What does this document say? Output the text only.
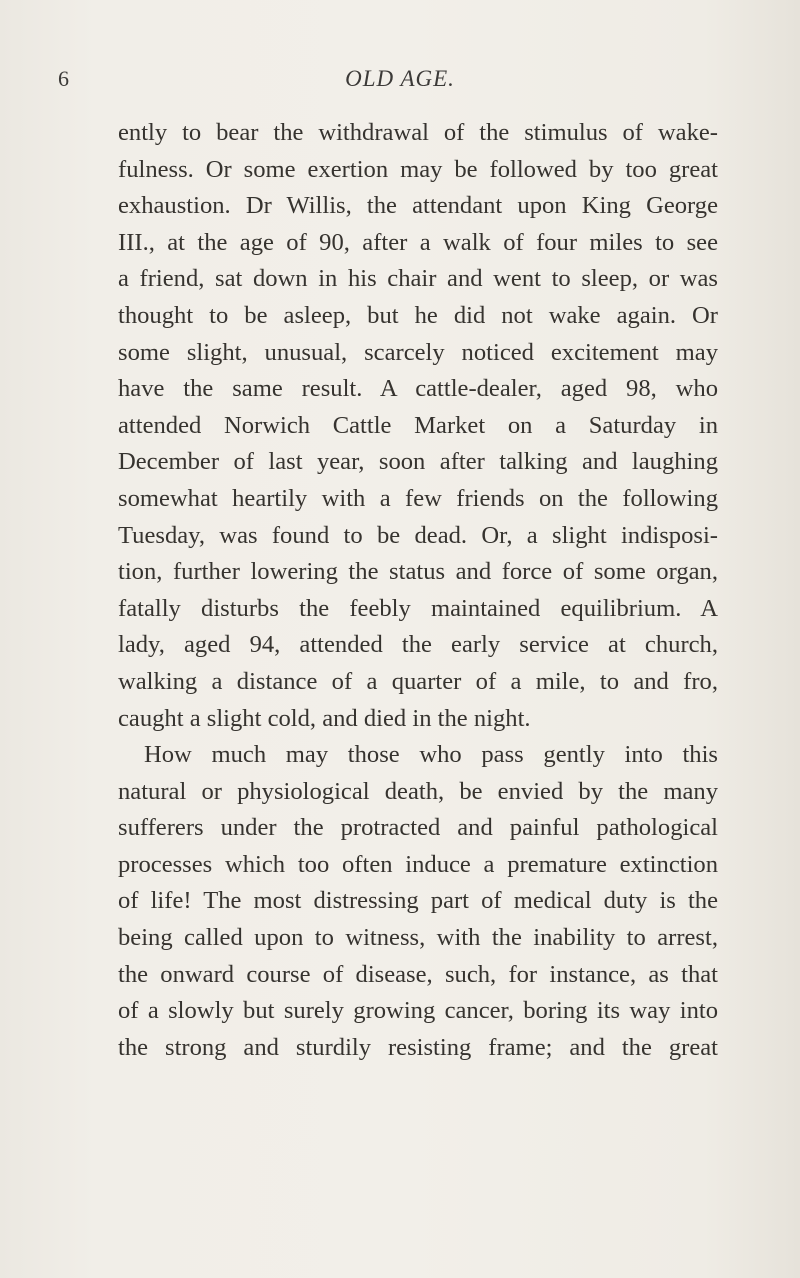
6	OLD AGE.
ently to bear the withdrawal of the stimulus of wake-
fulness. Or some exertion may be followed by too great
exhaustion. Dr Willis, the attendant upon King George
III., at the age of 90, after a walk of four miles to see
a friend, sat down in his chair and went to sleep, or was
thought to be asleep, but he did not wake again. Or
some slight, unusual, scarcely noticed excitement may
have the same result. A cattle-dealer, aged 98, who
attended Norwich Cattle Market on a Saturday in
December of last year, soon after talking and laughing
somewhat heartily with a few friends on the following
Tuesday, was found to be dead. Or, a slight indisposi-
tion, further lowering the status and force of some organ,
fatally disturbs the feebly maintained equilibrium. A
lady, aged 94, attended the early service at church,
walking a distance of a quarter of a mile, to and fro,
caught a slight cold, and died in the night.
How much may those who pass gently into this
natural or physiological death, be envied by the many
sufferers under the protracted and painful pathological
processes which too often induce a premature extinction
of life! The most distressing part of medical duty is the
being called upon to witness, with the inability to arrest,
the onward course of disease, such, for instance, as that
of a slowly but surely growing cancer, boring its way into
the strong and sturdily resisting frame; and the great
